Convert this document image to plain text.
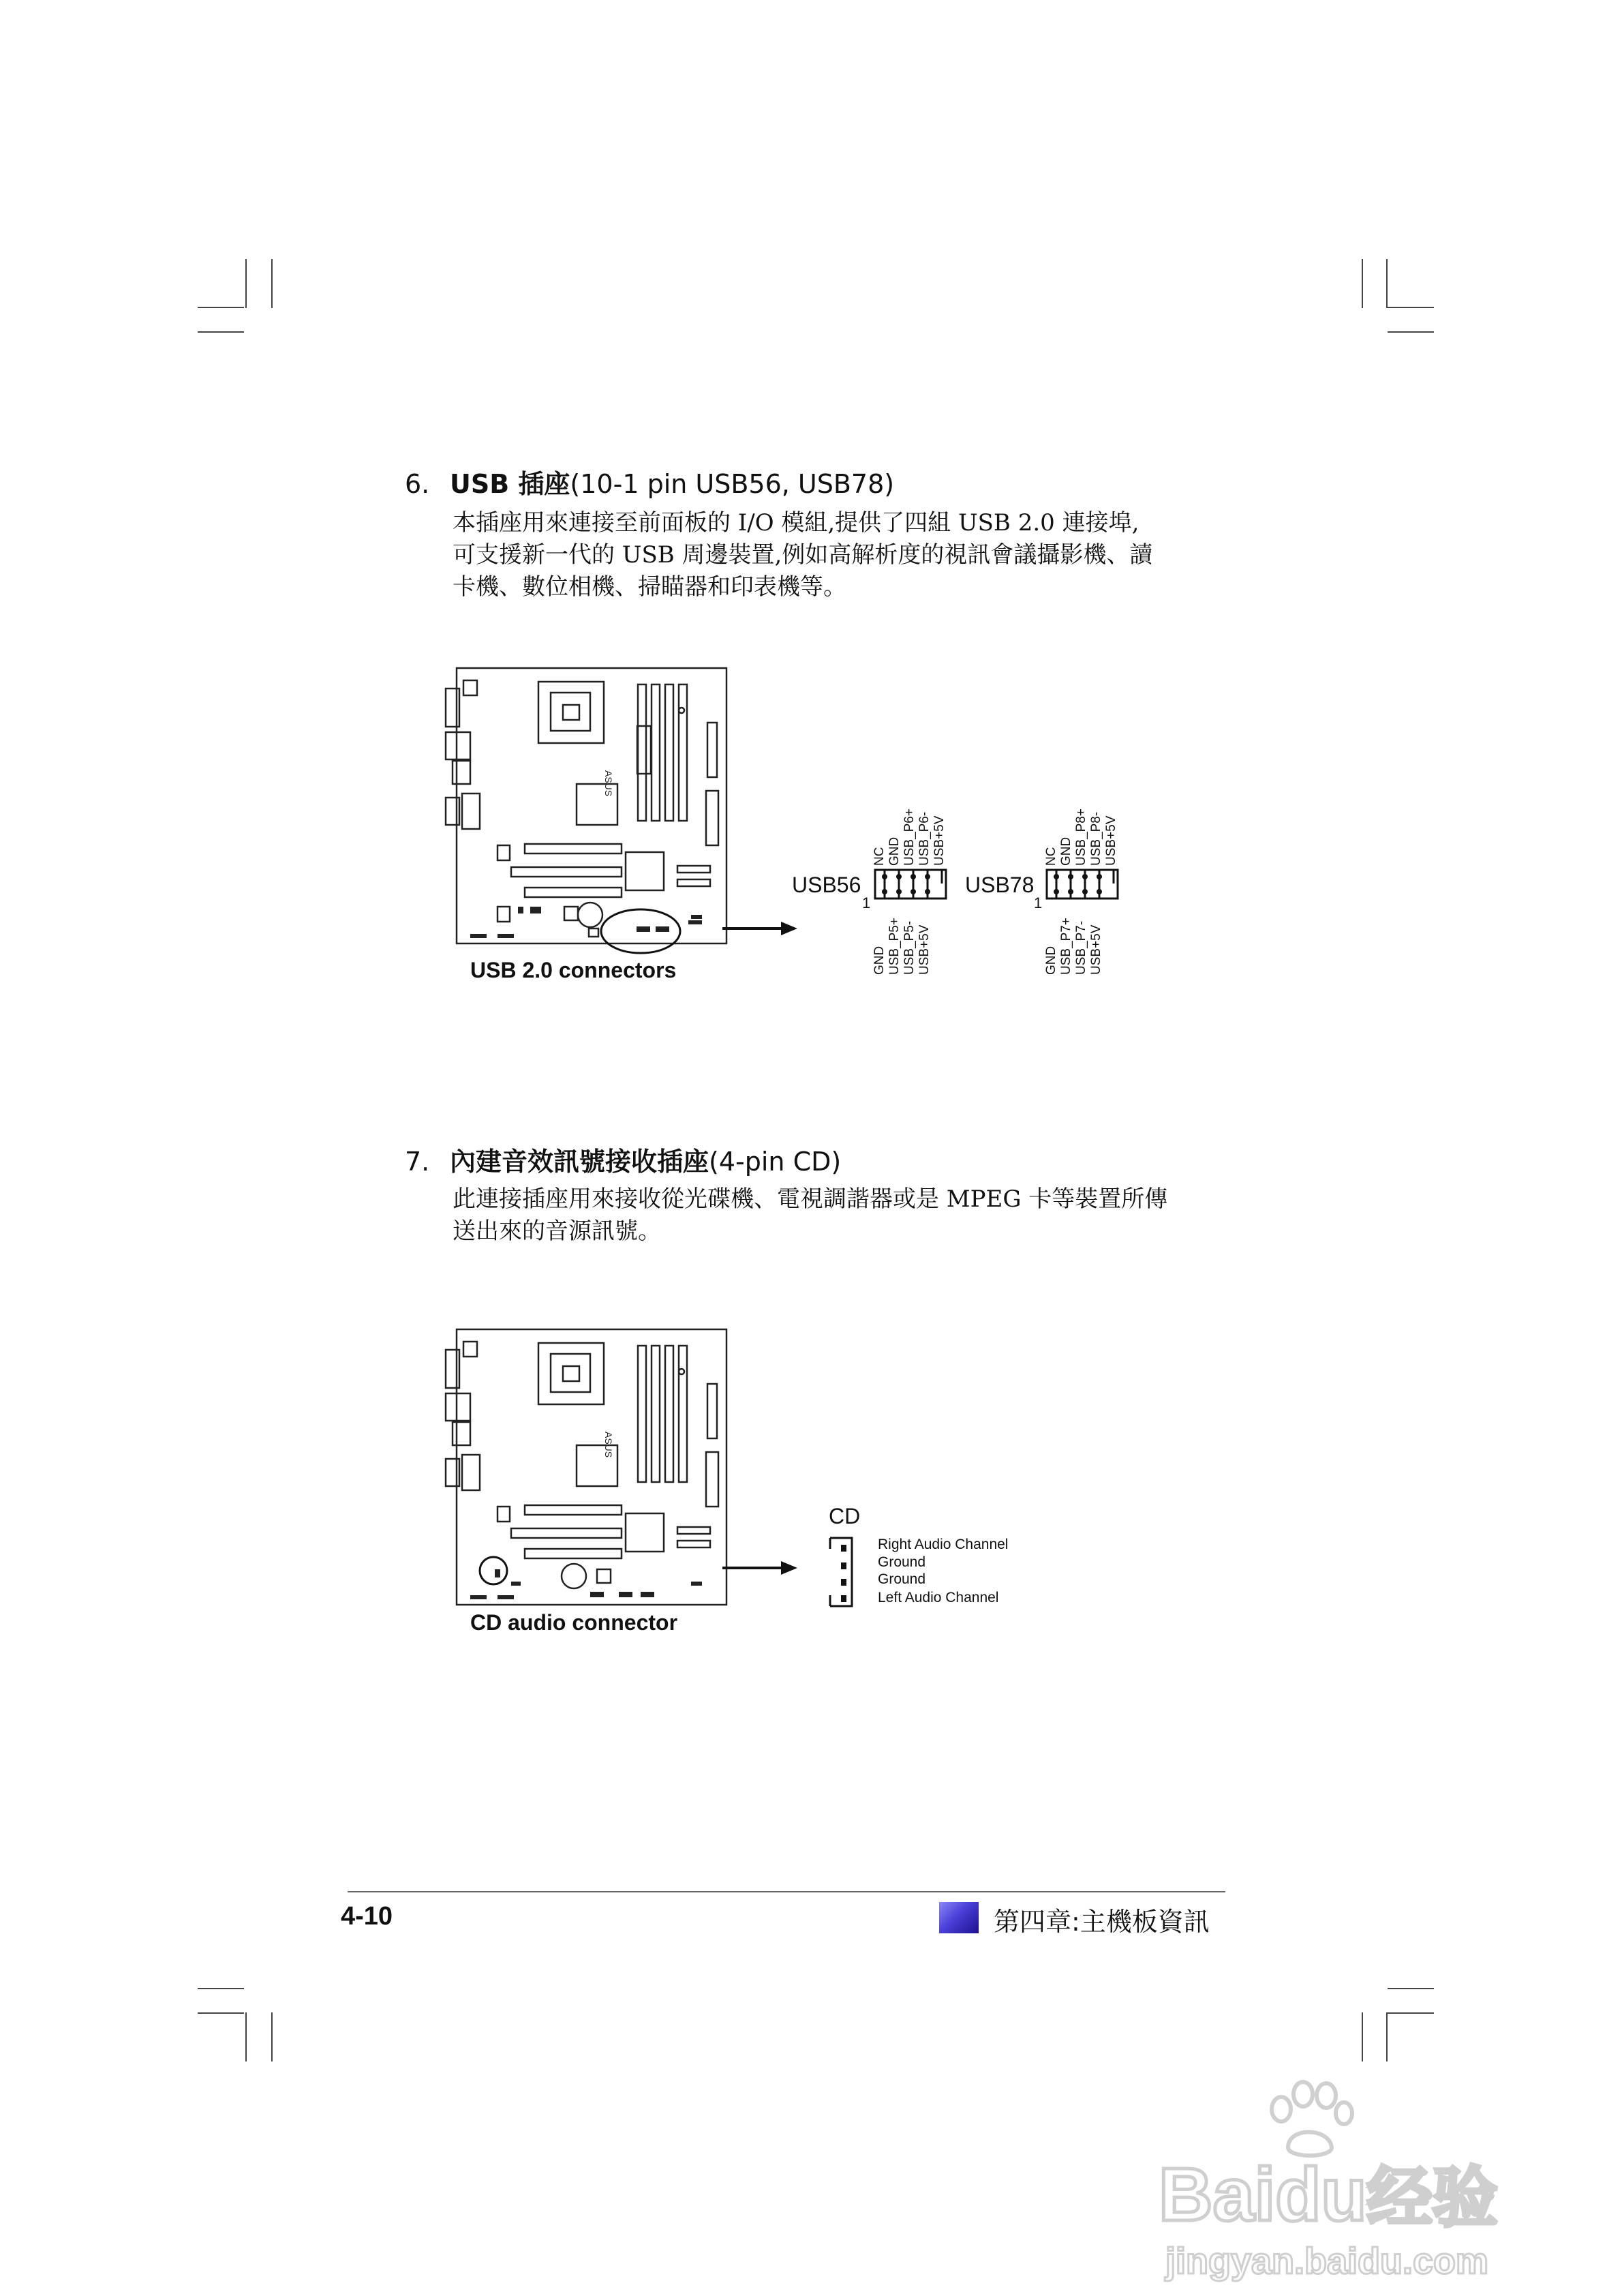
6. USB 插座(10-1 pin USB56, USB78)
本插座用來連接至前面板的 I/O 模組,提供了四組 USB 2.0 連接埠,
可支援新一代的 USB 周邊裝置,例如高解析度的視訊會議攝影機、讀
卡機、數位相機、掃瞄器和印表機等。
ASUS
USB 2.0 connectors
USB56
1
NC GND USB_P6+ USB_P6- USB+5V
GND USB_P5+ USB_P5- USB+5V
USB78
1
NC GND USB_P8+ USB_P8- USB+5V
GND USB_P7+ USB_P7- USB+5V
7. 內建音效訊號接收插座(4-pin CD)
此連接插座用來接收從光碟機、電視調諧器或是 MPEG 卡等裝置所傳
送出來的音源訊號。
ASUS
CD audio connector
CD
Right Audio Channel
Ground
Ground
Left Audio Channel
4-10	第四章:主機板資訊
Baidu经验
jingyan.baidu.com
